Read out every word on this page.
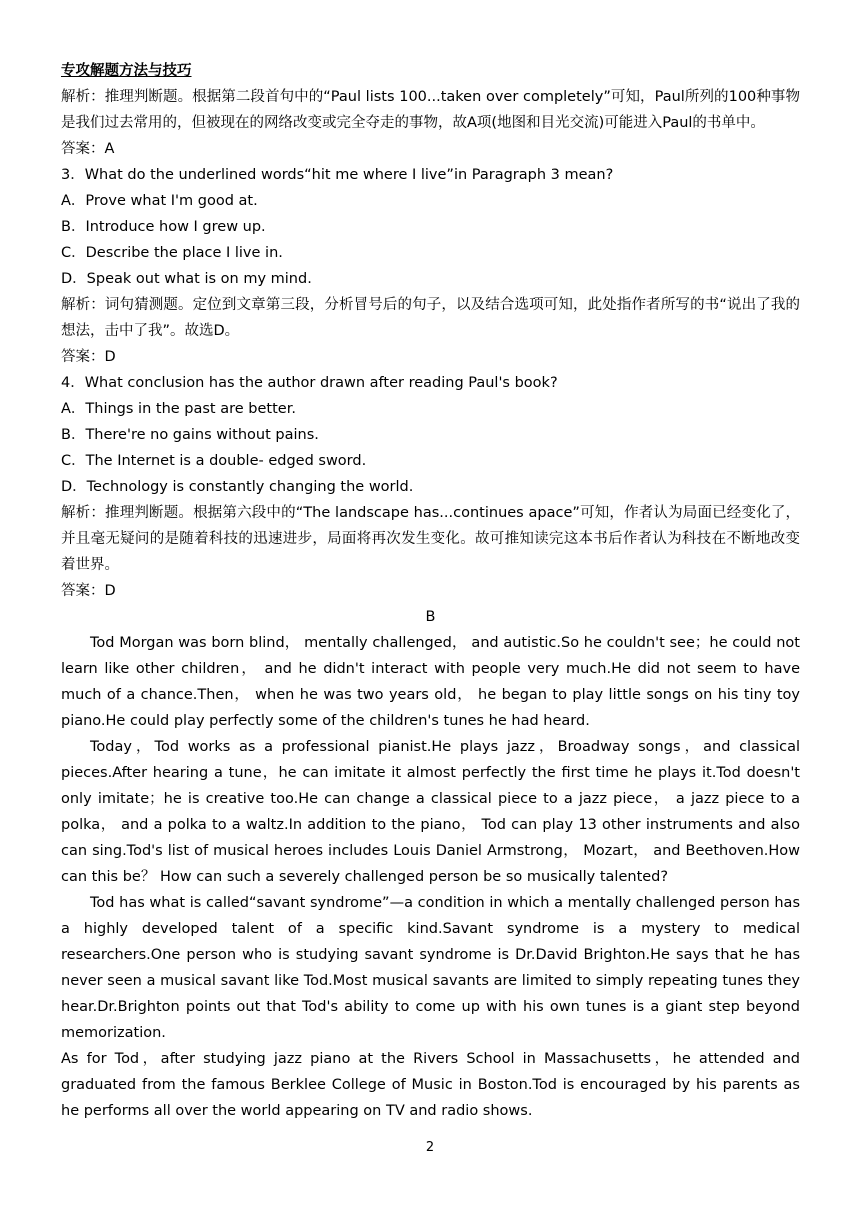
专攻解题方法与技巧

解析：推理判断题。根据第二段首句中的“Paul lists 100...taken over completely”可知，Paul所列的100种事物是我们过去常用的，但被现在的网络改变或完全夺走的事物，故A项(地图和目光交流)可能进入Paul的书单中。

答案：A

3．What do the underlined words“hit me where I live”in Paragraph 3 mean?

A．Prove what I'm good at.

B．Introduce how I grew up.

C．Describe the place I live in.

D．Speak out what is on my mind.

解析：词句猜测题。定位到文章第三段，分析冒号后的句子，以及结合选项可知，此处指作者所写的书“说出了我的想法，击中了我”。故选D。

答案：D

4．What conclusion has the author drawn after reading Paul's book?

A．Things in the past are better.

B．There're no gains without pains.

C．The Internet is a double- edged sword.

D．Technology is constantly changing the world.

解析：推理判断题。根据第六段中的“The landscape has...continues apace”可知，作者认为局面已经变化了，并且毫无疑问的是随着科技的迅速进步，局面将再次发生变化。故可推知读完这本书后作者认为科技在不断地改变着世界。

答案：D

B

Tod Morgan was born blind， mentally challenged， and autistic.So he couldn't see；he could not learn like other children， and he didn't interact with people very much.He did not seem to have much of a chance.Then， when he was two years old， he began to play little songs on his tiny toy piano.He could play perfectly some of the children's tunes he had heard.

Today，Tod works as a professional pianist.He plays jazz，Broadway songs，and classical pieces.After hearing a tune，he can imitate it almost perfectly the first time he plays it.Tod doesn't only imitate；he is creative too.He can change a classical piece to a jazz piece， a jazz piece to a polka， and a polka to a waltz.In addition to the piano， Tod can play 13 other instruments and also can sing.Tod's list of musical heroes includes Louis Daniel Armstrong， Mozart， and Beethoven.How can this be？ How can such a severely challenged person be so musically talented?

Tod has what is called“savant syndrome”—a condition in which a mentally challenged person has a highly developed talent of a specific kind.Savant syndrome is a mystery to medical researchers.One person who is studying savant syndrome is Dr.David Brighton.He says that he has never seen a musical savant like Tod.Most musical savants are limited to simply repeating tunes they hear.Dr.Brighton points out that Tod's ability to come up with his own tunes is a giant step beyond memorization.

As for Tod，after studying jazz piano at the Rivers School in Massachusetts，he attended and graduated from the famous Berklee College of Music in Boston.Tod is encouraged by his parents as he performs all over the world appearing on TV and radio shows.

2
